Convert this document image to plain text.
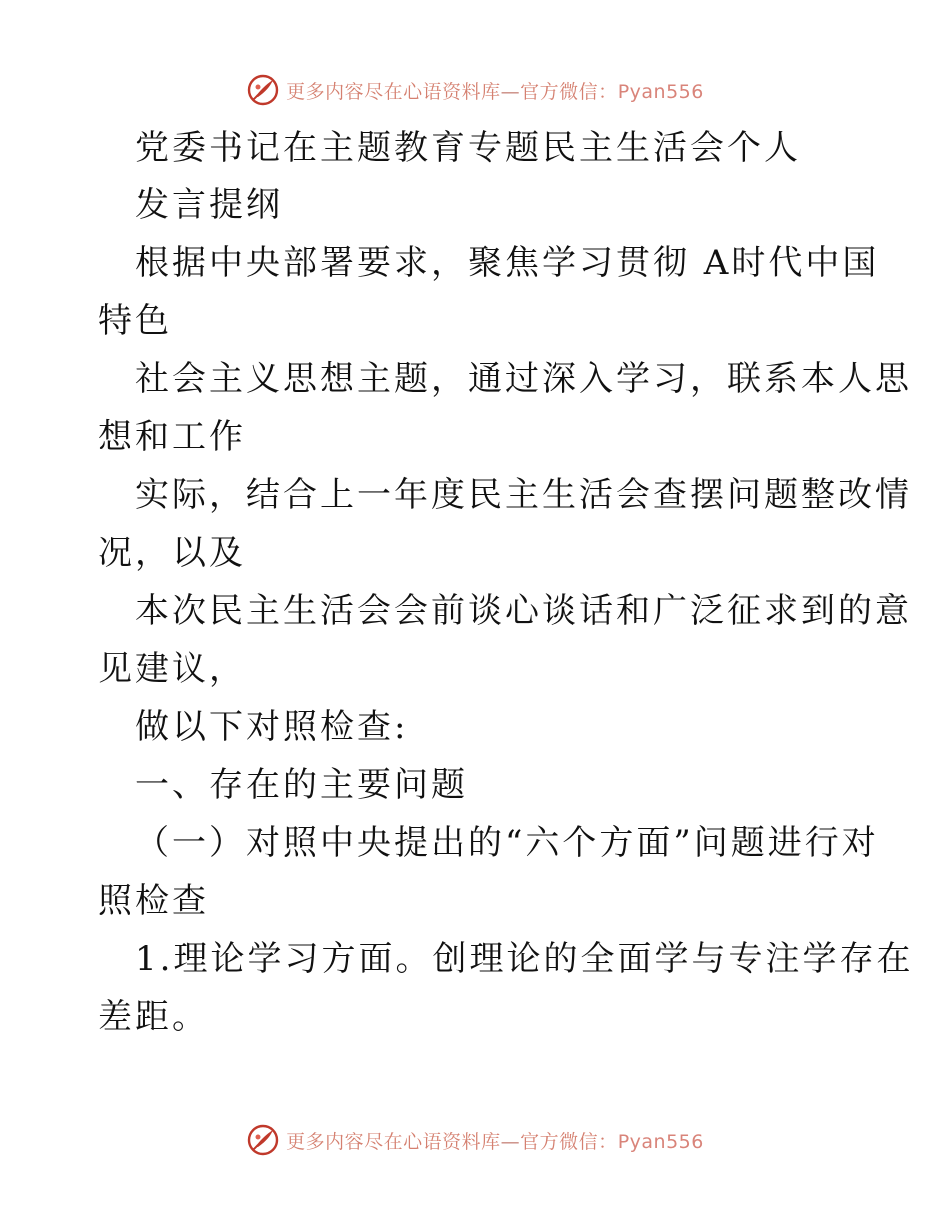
更多内容尽在心语资料库—官方微信：Pyan556
党委书记在主题教育专题民主生活会个人
发言提纲
根据中央部署要求，聚焦学习贯彻 A时代中国
特色
社会主义思想主题，通过深入学习，联系本人思
想和工作
实际，结合上一年度民主生活会查摆问题整改情
况，以及
本次民主生活会会前谈心谈话和广泛征求到的意
见建议，
做以下对照检查:
一、存在的主要问题
（一）对照中央提出的“六个方面”问题进行对
照检查
1.理论学习方面。创理论的全面学与专注学存在
差距。
更多内容尽在心语资料库—官方微信：Pyan556
